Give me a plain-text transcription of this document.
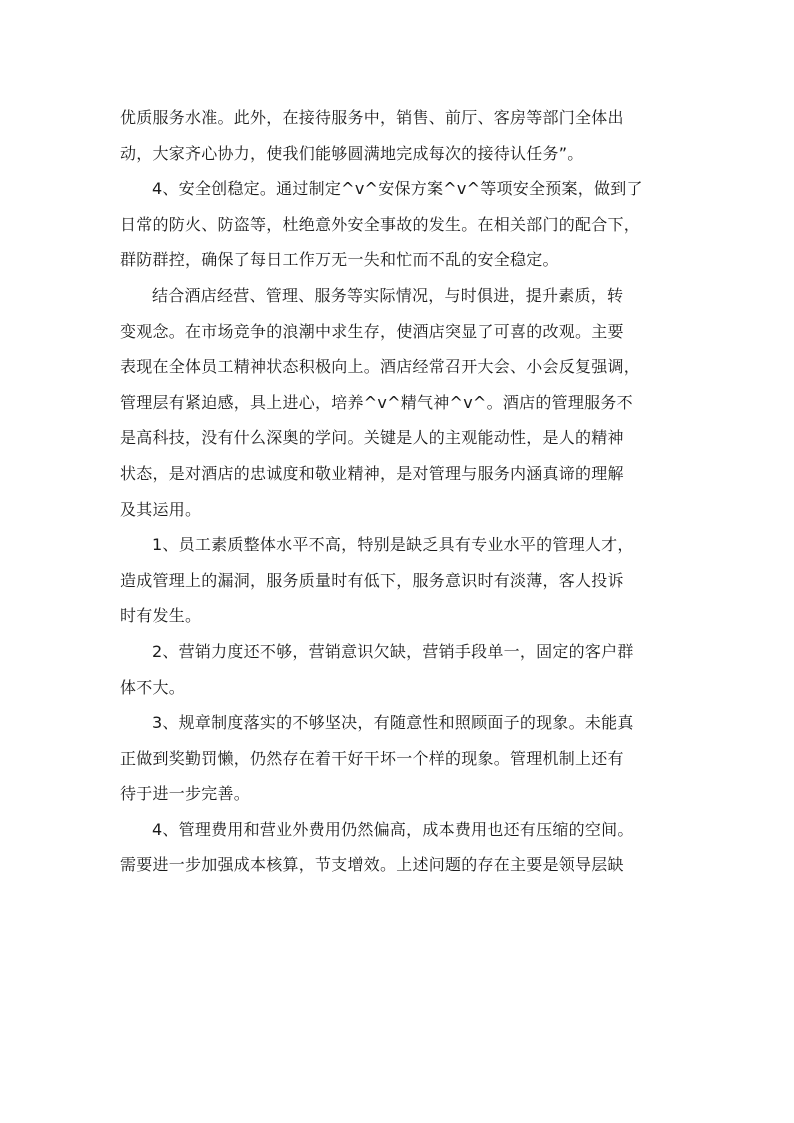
优质服务水准。此外，在接待服务中，销售、前厅、客房等部门全体出
动，大家齐心协力，使我们能够圆满地完成每次的接待认任务”。
4、安全创稳定。通过制定^v^安保方案^v^等项安全预案，做到了
日常的防火、防盗等，杜绝意外安全事故的发生。在相关部门的配合下，
群防群控，确保了每日工作万无一失和忙而不乱的安全稳定。
结合酒店经营、管理、服务等实际情况，与时俱进，提升素质，转
变观念。在市场竞争的浪潮中求生存，使酒店突显了可喜的改观。主要
表现在全体员工精神状态积极向上。酒店经常召开大会、小会反复强调，
管理层有紧迫感，具上进心，培养^v^精气神^v^。酒店的管理服务不
是高科技，没有什么深奥的学问。关键是人的主观能动性，是人的精神
状态，是对酒店的忠诚度和敬业精神，是对管理与服务内涵真谛的理解
及其运用。
1、员工素质整体水平不高，特别是缺乏具有专业水平的管理人才，
造成管理上的漏洞，服务质量时有低下，服务意识时有淡薄，客人投诉
时有发生。
2、营销力度还不够，营销意识欠缺，营销手段单一，固定的客户群
体不大。
3、规章制度落实的不够坚决，有随意性和照顾面子的现象。未能真
正做到奖勤罚懒，仍然存在着干好干坏一个样的现象。管理机制上还有
待于进一步完善。
4、管理费用和营业外费用仍然偏高，成本费用也还有压缩的空间。
需要进一步加强成本核算，节支增效。上述问题的存在主要是领导层缺
